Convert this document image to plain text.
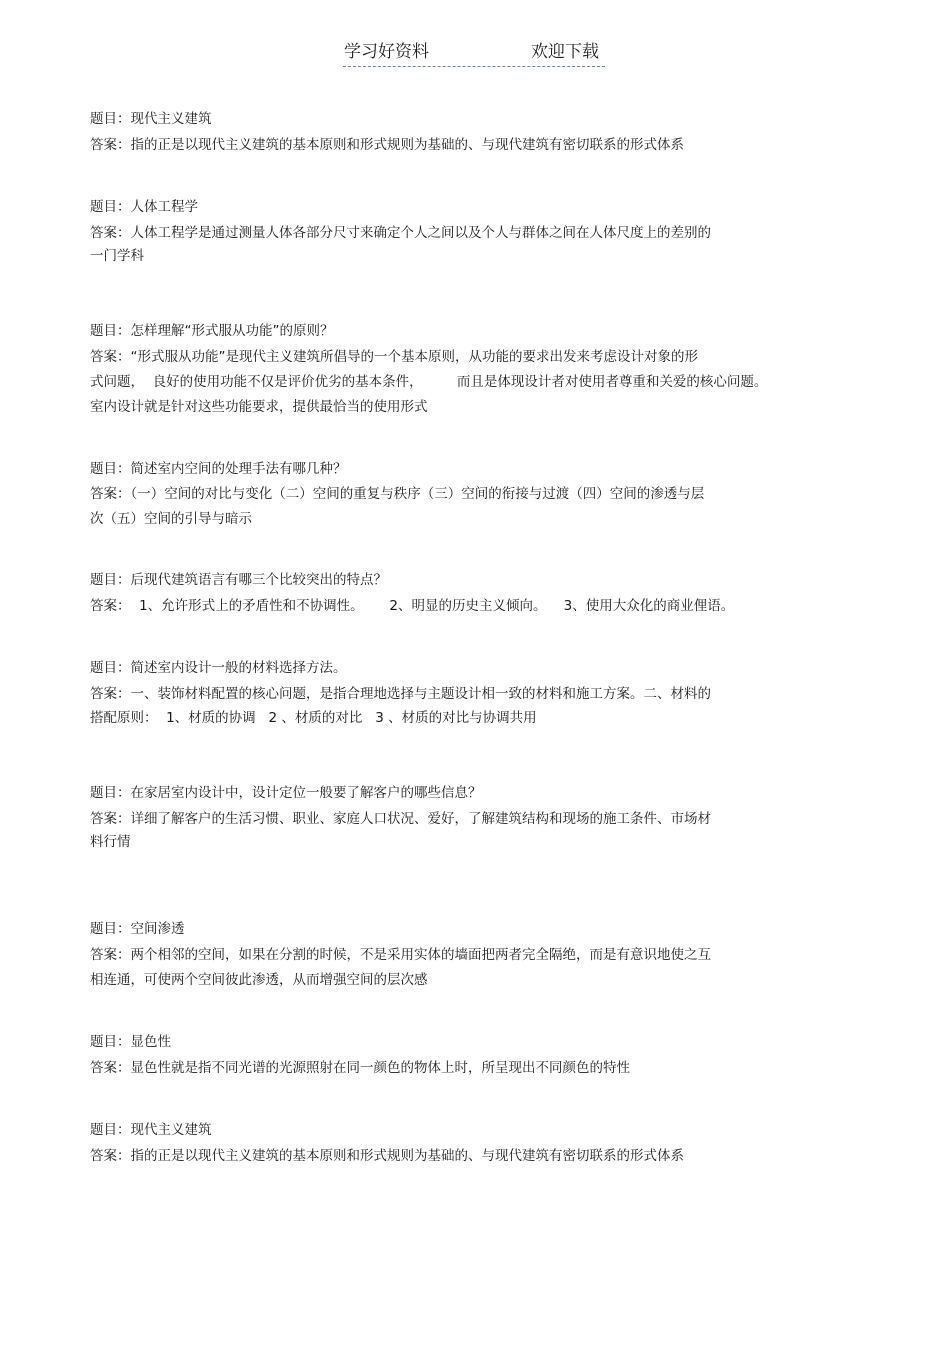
学习好资料	欢迎下载
题目：现代主义建筑
答案：指的正是以现代主义建筑的基本原则和形式规则为基础的、与现代建筑有密切联系的形式体系
题目：人体工程学
答案：人体工程学是通过测量人体各部分尺寸来确定个人之间以及个人与群体之间在人体尺度上的差别的
一门学科
题目：怎样理解“形式服从功能”的原则？
答案：“形式服从功能”是现代主义建筑所倡导的一个基本原则，从功能的要求出发来考虑设计对象的形
式问题，  良好的使用功能不仅是评价优劣的基本条件，        而且是体现设计者对使用者尊重和关爱的核心问题。
室内设计就是针对这些功能要求，提供最恰当的使用形式
题目：简述室内空间的处理手法有哪几种？
答案：（一）空间的对比与变化（二）空间的重复与秩序（三）空间的衔接与过渡（四）空间的渗透与层
次（五）空间的引导与暗示
题目：后现代建筑语言有哪三个比较突出的特点？
答案：  1、允许形式上的矛盾性和不协调性。      2、明显的历史主义倾向。    3、使用大众化的商业俚语。
题目：简述室内设计一般的材料选择方法。
答案：一、装饰材料配置的核心问题，是指合理地选择与主题设计相一致的材料和施工方案。二、材料的
搭配原则：  1、材质的协调   2 、材质的对比   3 、材质的对比与协调共用
题目：在家居室内设计中，设计定位一般要了解客户的哪些信息？
答案：详细了解客户的生活习惯、职业、家庭人口状况、爱好，了解建筑结构和现场的施工条件、市场材
料行情
题目：空间渗透
答案：两个相邻的空间，如果在分割的时候，不是采用实体的墙面把两者完全隔绝，而是有意识地使之互
相连通，可使两个空间彼此渗透，从而增强空间的层次感
题目：显色性
答案：显色性就是指不同光谱的光源照射在同一颜色的物体上时，所呈现出不同颜色的特性
题目：现代主义建筑
答案：指的正是以现代主义建筑的基本原则和形式规则为基础的、与现代建筑有密切联系的形式体系
